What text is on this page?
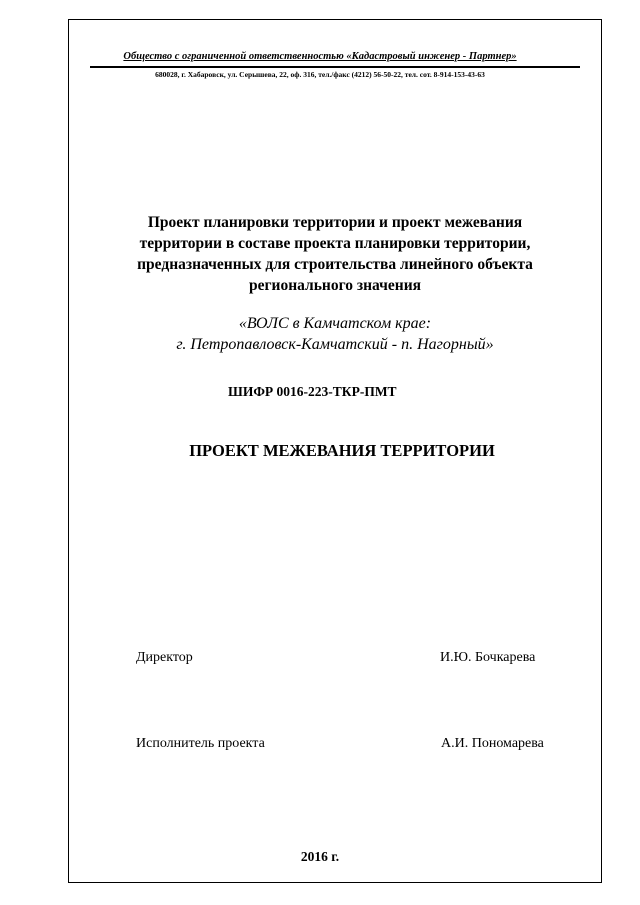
Общество с ограниченной ответственностью «Кадастровый инженер - Партнер»
680028, г. Хабаровск, ул. Серышева, 22, оф. 316, тел./факс (4212) 56-50-22, тел. сот. 8-914-153-43-63
Проект планировки территории и проект межевания
территории в составе проекта планировки территории,
предназначенных для строительства линейного объекта
регионального значения
«ВОЛС в Камчатском крае:
г. Петропавловск-Камчатский - п. Нагорный»
ШИФР 0016-223-ТКР-ПМТ
ПРОЕКТ МЕЖЕВАНИЯ ТЕРРИТОРИИ
Директор	И.Ю. Бочкарева
Исполнитель проекта	А.И. Пономарева
2016 г.
